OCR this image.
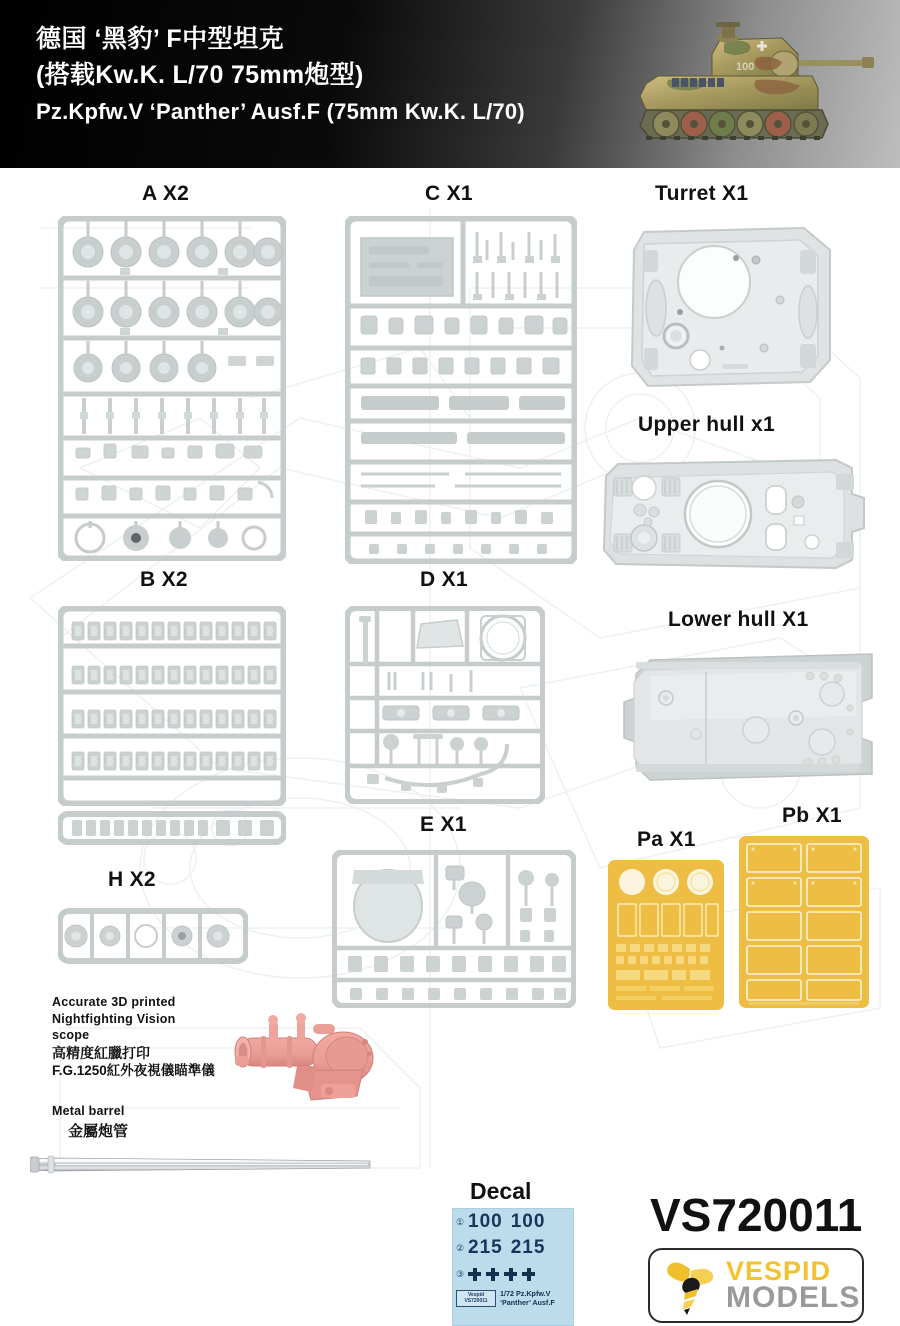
德国 ‘黑豹’ F中型坦克
(搭载Kw.K. L/70 75mm炮型)
Pz.Kpfw.V ‘Panther’ Ausf.F (75mm Kw.K. L/70)
100
A X2	C X1	Turret X1
Upper hull x1
B X2	D X1
Lower hull X1
E X1
H X2
Pa X1
Pb X1
Accurate 3D printed
Nightfighting Vision
scope
高精度紅臘打印
F.G.1250紅外夜視儀瞄準儀
Metal barrel
金屬炮管
Decal
① 100 100
② 215 215
③
Vespid
VS720011
1/72 Pz.Kpfw.V
‘Panther’ Ausf.F
VS720011
VESPID
MODELS
